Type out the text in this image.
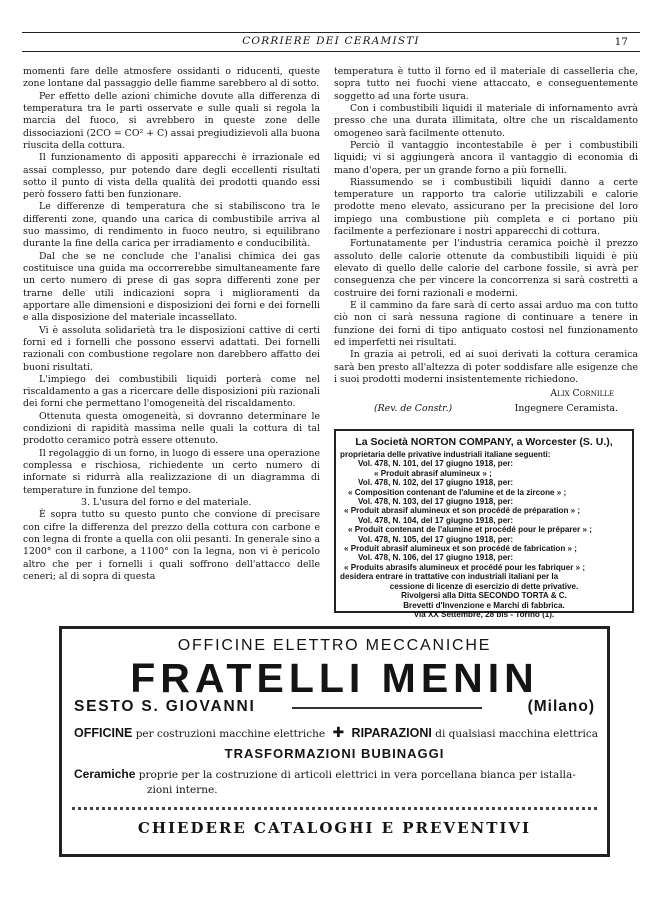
CORRIERE DEI CERAMISTI	17

momenti fare delle atmosfere ossidanti o riducenti, queste zone lontane dal passaggio delle fiamme sarebbero al di sotto.

Per effetto delle azioni chimiche dovute alla differenza di temperatura tra le parti osservate e sulle quali si regola la marcia del fuoco, si avrebbero in queste zone delle dissociazioni (2CO = CO² + C) assai pregiudizievoli alla buona riuscita della cottura.

Il funzionamento di appositi apparecchi è irrazionale ed assai complesso, pur potendo dare degli eccellenti risultati sotto il punto di vista della qualità dei prodotti quando essi però fossero fatti ben funzionare.

Le differenze di temperatura che si stabiliscono tra le differenti zone, quando una carica di combustibile arriva al suo massimo, di rendimento in fuoco neutro, si equilibrano durante la fine della carica per irradiamento e conducibilità.

Dal che se ne conclude che l'analisi chimica dei gas costituisce una guida ma occorrerebbe simultaneamente fare un certo numero di prese di gas sopra differenti zone per trarne delle utili indicazioni sopra i miglioramenti da apportare alle dimensioni e disposizioni dei forni e dei fornelli e alla disposizione del materiale incassellato.

Vi è assoluta solidarietà tra le disposizioni cattive di certi forni ed i fornelli che possono esservi adattati. Dei fornelli razionali con combustione regolare non darebbero affatto dei buoni risultati.

L'impiego dei combustibili liquidi porterà come nel riscaldamento a gas a ricercare delle disposizioni più razionali dei forni che permettano l'omogeneità del riscaldamento.

Ottenuta questa omogeneità, si dovranno determinare le condizioni di rapidità massima nelle quali la cottura di tal prodotto ceramico potrà essere ottenuto.

Il regolaggio di un forno, in luogo di essere una operazione complessa e rischiosa, richiedente un certo numero di infornate si ridurrà alla realizzazione di un diagramma di temperature in funzione del tempo.

3. L'usura del forno e del materiale.

È sopra tutto su questo punto che convione di precisare con cifre la differenza del prezzo della cottura con carbone e con legna di fronte a quella con olii pesanti. In generale sino a 1200° con il carbone, a 1100° con la legna, non vi è pericolo altro che per i fornelli i quali soffrono dell'attacco delle ceneri; al di sopra di questa

temperatura è tutto il forno ed il materiale di casselleria che, sopra tutto nei fuochi viene attaccato, e conseguentemente soggetto ad una forte usura.

Con i combustibili liquidi il materiale di infornamento avrà presso che una durata illimitata, oltre che un riscaldamento omogeneo sarà facilmente ottenuto.

Perciò il vantaggio incontestabile è per i combustibili liquidi; vi si aggiungerà ancora il vantaggio di economia di mano d'opera, per un grande forno a più fornelli.

Riassumendo se i combustibili liquidi danno a certe temperature un rapporto tra calorie utilizzabili e calorie prodotte meno elevato, assicurano per la precisione del loro impiego una combustione più completa e ci portano più facilmente a perfezionare i nostri apparecchi di cottura.

Fortunatamente per l'industria ceramica poichè il prezzo assoluto delle calorie ottenute da combustibili liquidi è più elevato di quello delle calorie del carbone fossile, si avrà per conseguenza che per vincere la concorrenza si sarà costretti a costruire dei forni razionali e moderni.

E il cammino da fare sarà di certo assai arduo ma con tutto ciò non ci sarà nessuna ragione di continuare a tenere in funzione dei forni di tipo antiquato costosi nel funzionamento ed imperfetti nei risultati.

In grazia ai petroli, ed ai suoi derivati la cottura ceramica sarà ben presto all'altezza di poter soddisfare alle esigenze che i suoi prodotti moderni insistentemente richiedono.

Alix Cornille
(Rev. de Constr.)	Ingegnere Ceramista.
La Società NORTON COMPANY, a Worcester (S. U.),
proprietaria delle privative industriali italiane seguenti:
Vol. 478, N. 101, del 17 giugno 1918, per:
« Produit abrasif alumineux » ;
Vol. 478, N. 102, del 17 giugno 1918, per:
« Composition contenant de l'alumine et de la zircone » ;
Vol. 478, N. 103, del 17 giugno 1918, per:
« Produit abrasif alumineux et son procédé de préparation » ;
Vol. 478, N. 104, del 17 giugno 1918, per:
« Produit contenant de l'alumine et procédé pour le préparer » ;
Vol. 478, N. 105, del 17 giugno 1918, per:
« Produit abrasif alumineux et son procédé de fabrication » ;
Vol. 478, N. 106, del 17 giugno 1918, per:
« Produits abrasifs alumineux et procédé pour les fabriquer » ;
desidera entrare in trattative con industriali italiani per la
cessione di licenze di esercizio di dette privative.
Rivolgersi alla Ditta SECONDO TORTA & C.
Brevetti d'Invenzione e Marchi di fabbrica.
Via XX Settembre, 28 bis - Torino (1).
OFFICINE ELETTRO MECCANICHE
FRATELLI MENIN
SESTO S. GIOVANNI	(Milano)
OFFICINE per costruzioni macchine elettriche ✚ RIPARAZIONI di qualsiasi macchina elettrica
TRASFORMAZIONI BUBINAGGI
Ceramiche proprie per la costruzione di articoli elettrici in vera porcellana bianca per istalla-
zioni interne.
CHIEDERE CATALOGHI E PREVENTIVI
